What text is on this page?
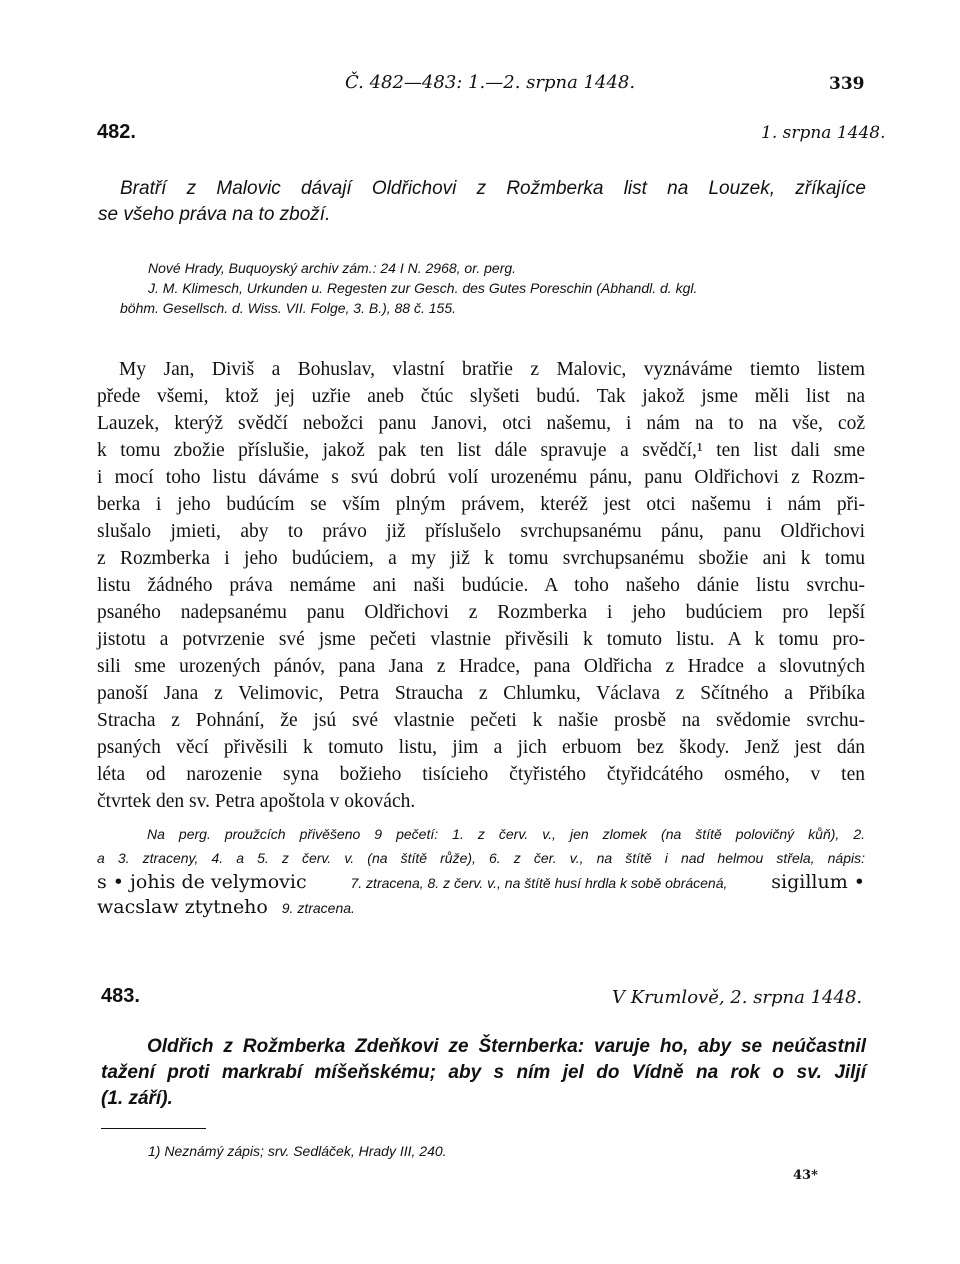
Č. 482—483: 1.—2. srpna 1448.	339
482.	1. srpna 1448.
Bratří z Malovic dávají Oldřichovi z Rožmberka list na Louzek, zříkajíce
se všeho práva na to zboží.
Nové Hrady, Buquoyský archiv zám.: 24 I N. 2968, or. perg.
J. M. Klimesch, Urkunden u. Regesten zur Gesch. des Gutes Poreschin (Abhandl. d. kgl.
böhm. Gesellsch. d. Wiss. VII. Folge, 3. B.), 88 č. 155.

My Jan, Diviš a Bohuslav, vlastní bratřie z Malovic, vyznáváme tiemto listem

přede všemi, ktož jej uzřie aneb čtúc slyšeti budú. Tak jakož jsme měli list na

Lauzek, kterýž svědčí nebožci panu Janovi, otci našemu, i nám na to na vše, což

k tomu zbožie příslušie, jakož pak ten list dále spravuje a svědčí,¹ ten list dali sme

i mocí toho listu dáváme s svú dobrú volí urozenému pánu, panu Oldřichovi z Rozm-

berka i jeho budúcím se vším plným právem, kteréž jest otci našemu i nám při-

slušalo jmieti, aby to právo již příslušelo svrchupsanému pánu, panu Oldřichovi

z Rozmberka i jeho budúciem, a my již k tomu svrchupsanému sbožie ani k tomu

listu žádného práva nemáme ani naši budúcie. A toho našeho dánie listu svrchu-

psaného nadepsanému panu Oldřichovi z Rozmberka i jeho budúciem pro lepší

jistotu a potvrzenie své jsme pečeti vlastnie přivěsili k tomuto listu. A k tomu pro-

sili sme urozených pánóv, pana Jana z Hradce, pana Oldřicha z Hradce a slovutných

panoší Jana z Velimovic, Petra Straucha z Chlumku, Václava z Sčítného a Přibíka

Stracha z Pohnání, že jsú své vlastnie pečeti k našie prosbě na svědomie svrchu-

psaných věcí přivěsili k tomuto listu, jim a jich erbuom bez škody. Jenž jest dán

léta od narozenie syna božieho tisícieho čtyřistého čtyřidcátého osmého, v ten

čtvrtek den sv. Petra apoštola v okovách.

Na perg. proužcích přivěšeno 9 pečetí: 1. z červ. v., jen zlomek (na štítě polovičný kůň), 2.
a 3. ztraceny, 4. a 5. z červ. v. (na štítě růže), 6. z čer. v., na štítě i nad helmou střela, nápis:
s • johis de velymovic	7. ztracena, 8. z červ. v., na štítě husí hrdla k sobě obrácená, sigillum •
wacslaw ztytneho 9. ztracena.
483.	V Krumlově, 2. srpna 1448.
Oldřich z Rožmberka Zdeňkovi ze Šternberka: varuje ho, aby se neúčastnil
tažení proti markrabí míšeňskému; aby s ním jel do Vídně na rok o sv. Jiljí
(1. září).
1) Neznámý zápis; srv. Sedláček, Hrady III, 240.
43*
